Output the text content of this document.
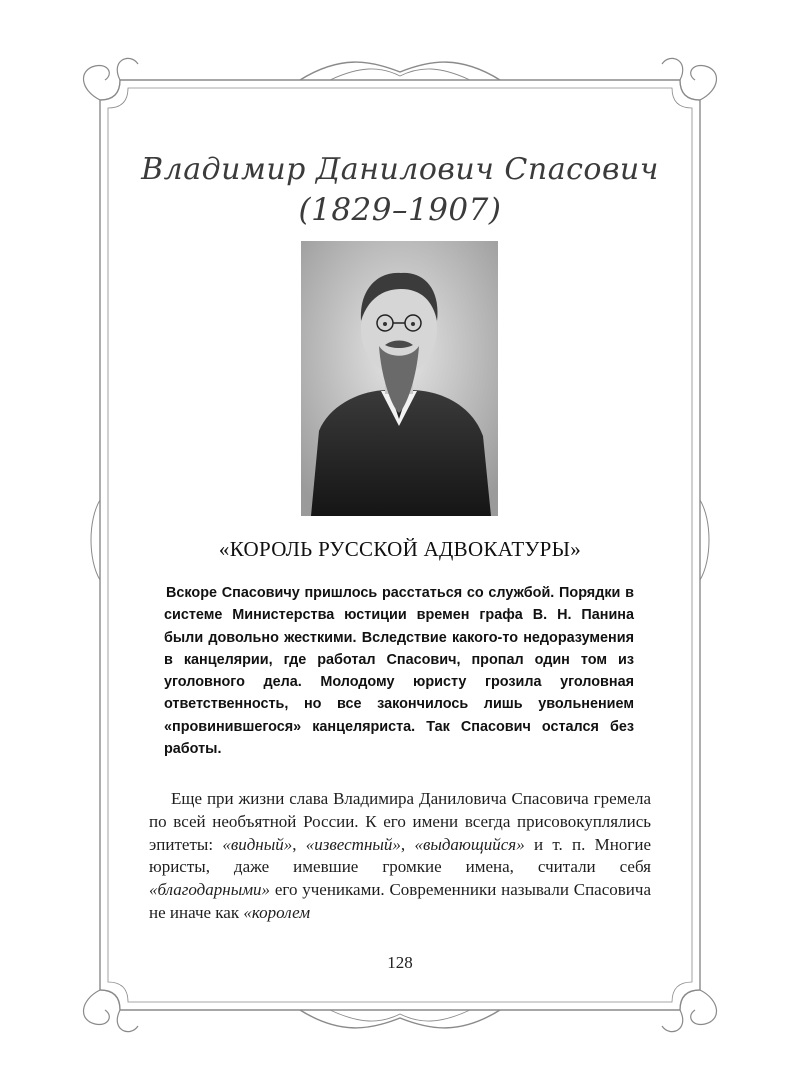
Владимир Данилович Спасович
(1829–1907)
«КОРОЛЬ РУССКОЙ АДВОКАТУРЫ»
Вскоре Спасовичу пришлось расстаться со службой. Порядки в системе Министерства юстиции времен графа В. Н. Панина были довольно жесткими. Вследствие какого-то недоразумения в канцелярии, где работал Спасович, пропал один том из уголовного дела. Молодому юристу грозила уголовная ответственность, но все закончилось лишь увольнением «провинившегося» канцеляриста. Так Спасович остался без работы.
Еще при жизни слава Владимира Даниловича Спасовича гремела по всей необъятной России. К его имени всегда присовокуплялись эпитеты: «видный», «известный», «выдающийся» и т. п. Многие юристы, даже имевшие громкие имена, считали себя «благодарными» его учениками. Современники называли Спасовича не иначе как «королем
128
